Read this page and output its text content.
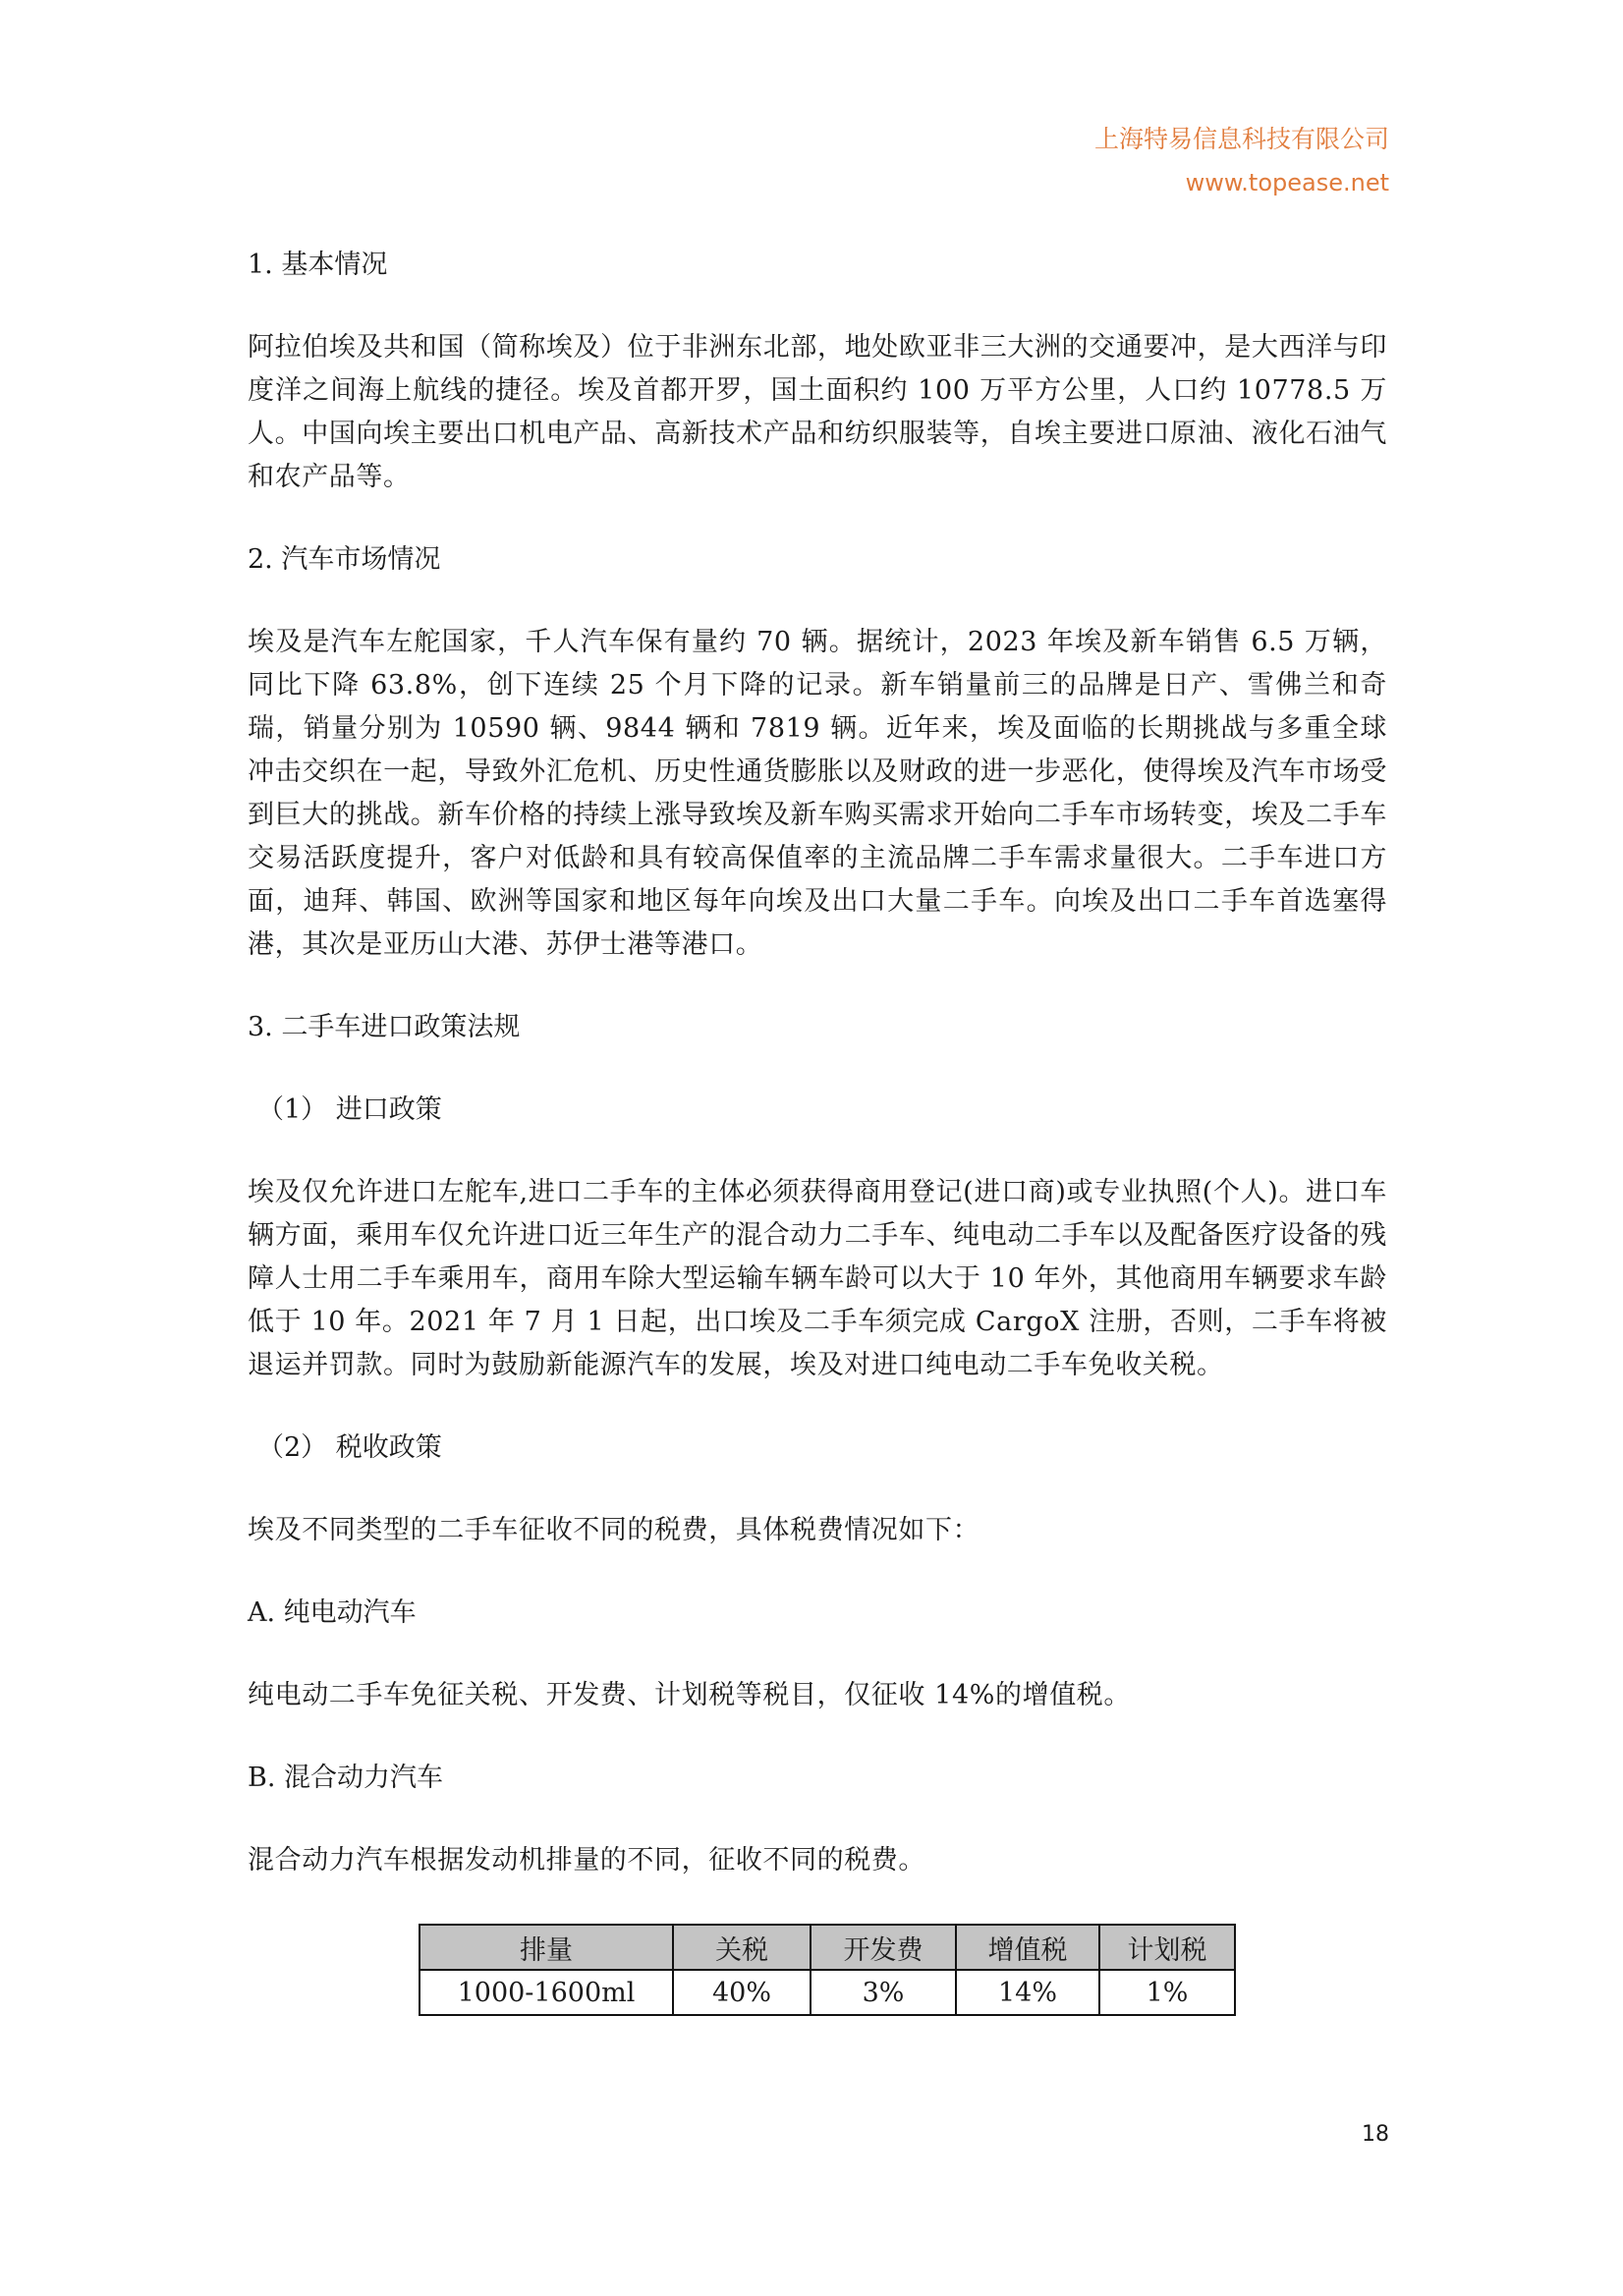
上海特易信息科技有限公司
www.topease.net

1. 基本情况

阿拉伯埃及共和国（简称埃及）位于非洲东北部，地处欧亚非三大洲的交通要冲，是大西洋与印度洋之间海上航线的捷径。埃及首都开罗，国土面积约 100 万平方公里，人口约 10778.5 万人。中国向埃主要出口机电产品、高新技术产品和纺织服装等，自埃主要进口原油、液化石油气和农产品等。

2. 汽车市场情况

埃及是汽车左舵国家，千人汽车保有量约 70 辆。据统计，2023 年埃及新车销售 6.5 万辆，同比下降 63.8%，创下连续 25 个月下降的记录。新车销量前三的品牌是日产、雪佛兰和奇瑞，销量分别为 10590 辆、9844 辆和 7819 辆。近年来，埃及面临的长期挑战与多重全球冲击交织在一起，导致外汇危机、历史性通货膨胀以及财政的进一步恶化，使得埃及汽车市场受到巨大的挑战。新车价格的持续上涨导致埃及新车购买需求开始向二手车市场转变，埃及二手车交易活跃度提升，客户对低龄和具有较高保值率的主流品牌二手车需求量很大。二手车进口方面，迪拜、韩国、欧洲等国家和地区每年向埃及出口大量二手车。向埃及出口二手车首选塞得港，其次是亚历山大港、苏伊士港等港口。

3. 二手车进口政策法规

（1） 进口政策

埃及仅允许进口左舵车,进口二手车的主体必须获得商用登记(进口商)或专业执照(个人)。进口车辆方面，乘用车仅允许进口近三年生产的混合动力二手车、纯电动二手车以及配备医疗设备的残障人士用二手车乘用车，商用车除大型运输车辆车龄可以大于 10 年外，其他商用车辆要求车龄低于 10 年。2021 年 7 月 1 日起，出口埃及二手车须完成 CargoX 注册，否则，二手车将被退运并罚款。同时为鼓励新能源汽车的发展，埃及对进口纯电动二手车免收关税。

（2） 税收政策

埃及不同类型的二手车征收不同的税费，具体税费情况如下：

A. 纯电动汽车

纯电动二手车免征关税、开发费、计划税等税目，仅征收 14%的增值税。

B. 混合动力汽车

混合动力汽车根据发动机排量的不同，征收不同的税费。

排量	关税	开发费	增值税	计划税
1000-1600ml	40%	3%	14%	1%
18
